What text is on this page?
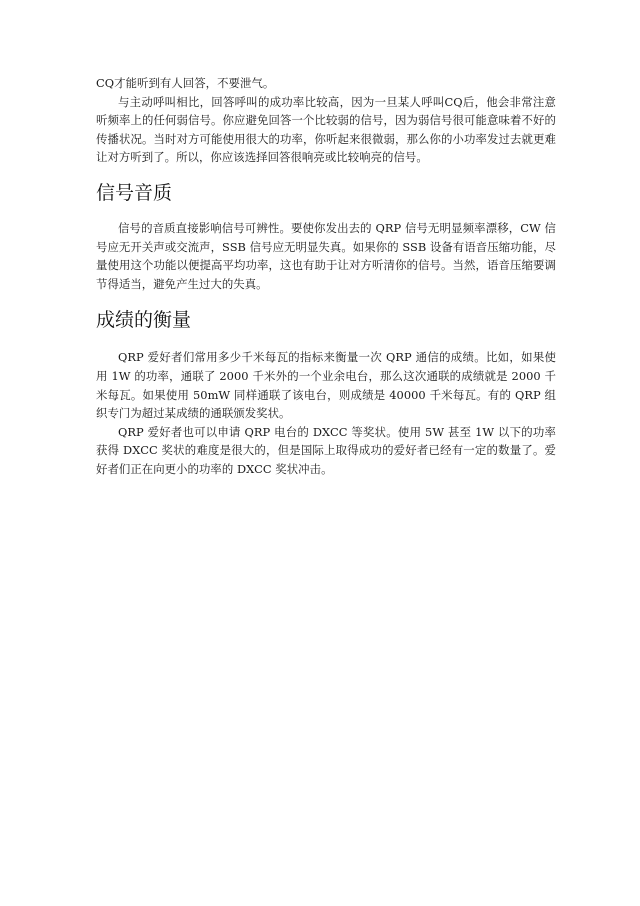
CQ才能听到有人回答，不要泄气。

与主动呼叫相比，回答呼叫的成功率比较高，因为一旦某人呼叫CQ后，他会非常注意听频率上的任何弱信号。你应避免回答一个比较弱的信号，因为弱信号很可能意味着不好的传播状况。当时对方可能使用很大的功率，你听起来很微弱，那么你的小功率发过去就更难让对方听到了。所以，你应该选择回答很响亮或比较响亮的信号。

信号音质

信号的音质直接影响信号可辨性。要使你发出去的 QRP 信号无明显频率漂移，CW 信号应无开关声或交流声，SSB 信号应无明显失真。如果你的 SSB 设备有语音压缩功能，尽量使用这个功能以便提高平均功率，这也有助于让对方听清你的信号。当然，语音压缩要调节得适当，避免产生过大的失真。

成绩的衡量

QRP 爱好者们常用多少千米每瓦的指标来衡量一次 QRP 通信的成绩。比如，如果使用 1W 的功率，通联了 2000 千米外的一个业余电台，那么这次通联的成绩就是 2000 千米每瓦。如果使用 50mW 同样通联了该电台，则成绩是 40000 千米每瓦。有的 QRP 组织专门为超过某成绩的通联颁发奖状。

QRP 爱好者也可以申请 QRP 电台的 DXCC 等奖状。使用 5W 甚至 1W 以下的功率获得 DXCC 奖状的难度是很大的，但是国际上取得成功的爱好者已经有一定的数量了。爱好者们正在向更小的功率的 DXCC 奖状冲击。
